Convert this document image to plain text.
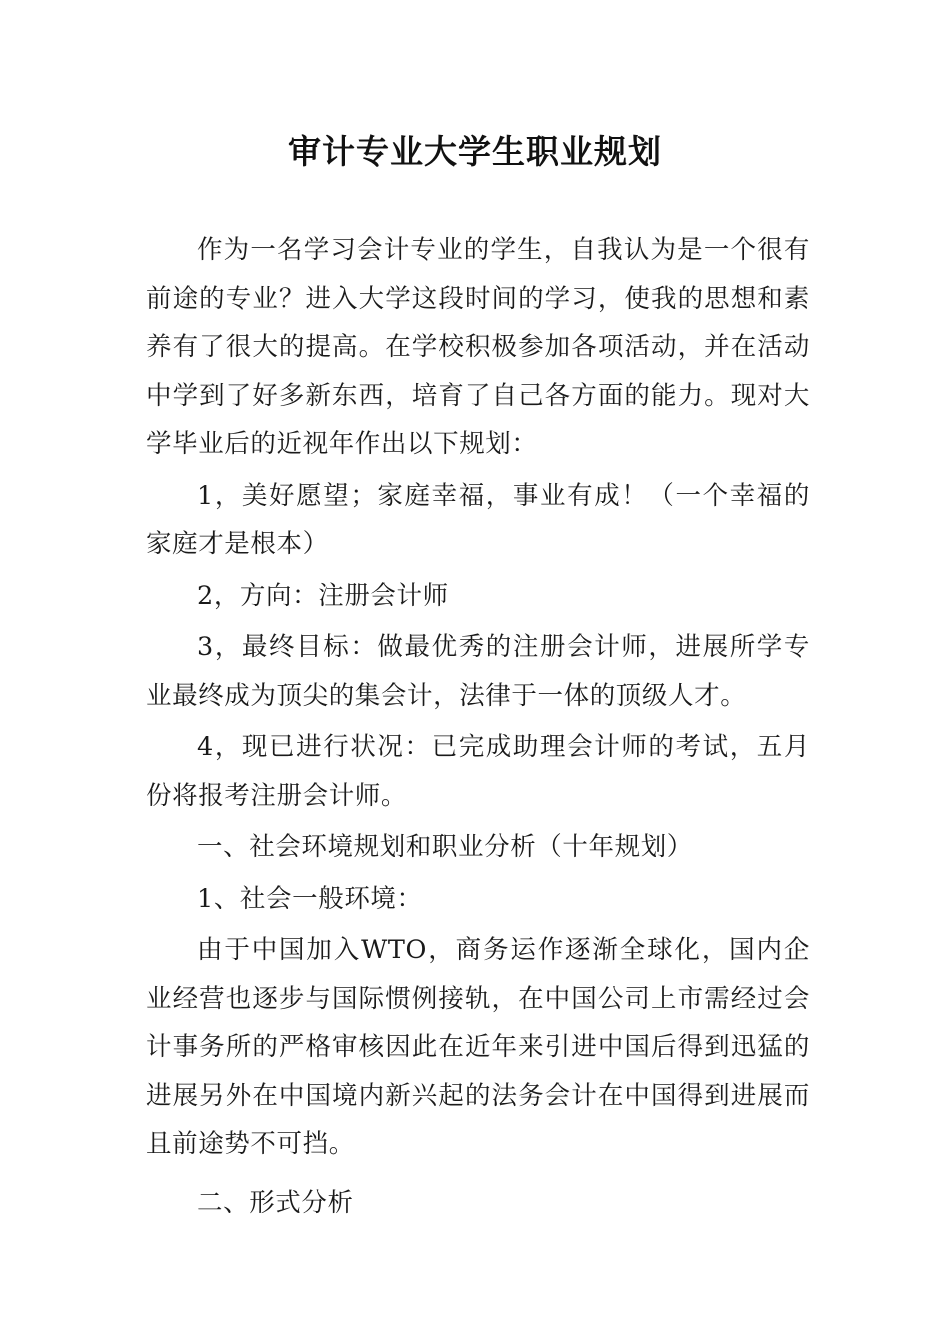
审计专业大学生职业规划

作为一名学习会计专业的学生，自我认为是一个很有前途的专业？进入大学这段时间的学习，使我的思想和素养有了很大的提高。在学校积极参加各项活动，并在活动中学到了好多新东西，培育了自己各方面的能力。现对大学毕业后的近视年作出以下规划：

1，美好愿望；家庭幸福，事业有成！（一个幸福的家庭才是根本）

2，方向：注册会计师

3，最终目标：做最优秀的注册会计师，进展所学专业最终成为顶尖的集会计，法律于一体的顶级人才。

4，现已进行状况：已完成助理会计师的考试，五月份将报考注册会计师。

一、社会环境规划和职业分析（十年规划）

1、社会一般环境：

由于中国加入WTO，商务运作逐渐全球化，国内企业经营也逐步与国际惯例接轨，在中国公司上市需经过会计事务所的严格审核因此在近年来引进中国后得到迅猛的进展另外在中国境内新兴起的法务会计在中国得到进展而且前途势不可挡。

二、形式分析
